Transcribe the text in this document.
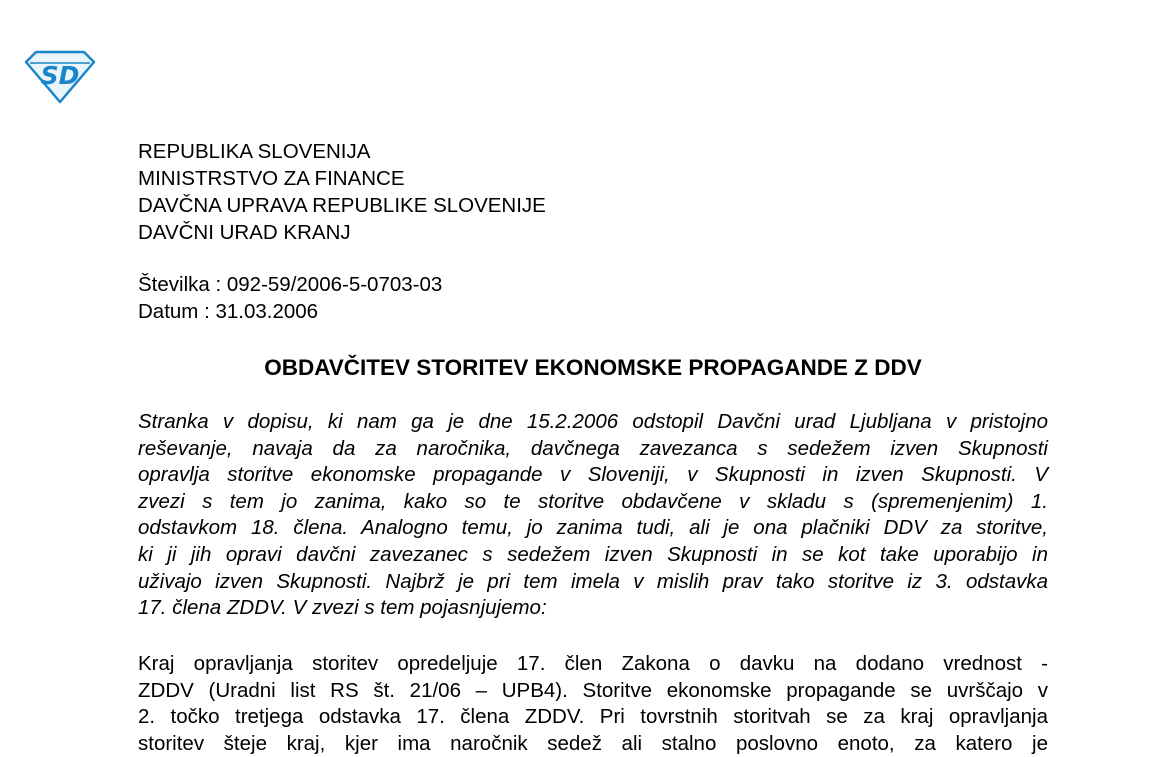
SD
REPUBLIKA SLOVENIJA
MINISTRSTVO ZA FINANCE
DAVČNA UPRAVA REPUBLIKE SLOVENIJE
DAVČNI URAD KRANJ
Številka : 092-59/2006-5-0703-03
Datum : 31.03.2006
OBDAVČITEV STORITEV EKONOMSKE PROPAGANDE Z DDV
Stranka v dopisu, ki nam ga je dne 15.2.2006 odstopil Davčni urad Ljubljana v pristojno
reševanje, navaja da za naročnika, davčnega zavezanca s sedežem izven Skupnosti
opravlja storitve ekonomske propagande v Sloveniji, v Skupnosti in izven Skupnosti. V
zvezi s tem jo zanima, kako so te storitve obdavčene v skladu s (spremenjenim) 1.
odstavkom 18. člena. Analogno temu, jo zanima tudi, ali je ona plačniki DDV za storitve,
ki ji jih opravi davčni zavezanec s sedežem izven Skupnosti in se kot take uporabijo in
uživajo izven Skupnosti. Najbrž je pri tem imela v mislih prav tako storitve iz 3. odstavka
17. člena ZDDV. V zvezi s tem pojasnjujemo:
Kraj opravljanja storitev opredeljuje 17. člen Zakona o davku na dodano vrednost -
ZDDV (Uradni list RS št. 21/06 – UPB4). Storitve ekonomske propagande se uvrščajo v
2. točko tretjega odstavka 17. člena ZDDV. Pri tovrstnih storitvah se za kraj opravljanja
storitev šteje kraj, kjer ima naročnik sedež ali stalno poslovno enoto, za katero je
